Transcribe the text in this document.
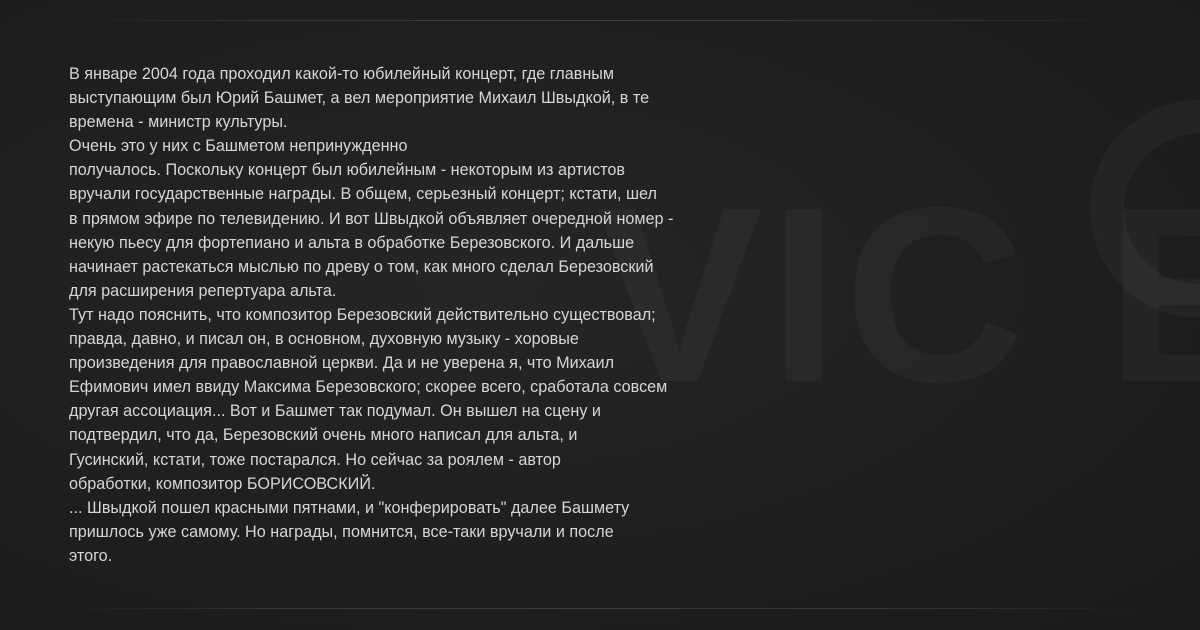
В январе 2004 года проходил какой-то юбилейный концерт, где главным
выступающим был Юрий Башмет, а вел мероприятие Михаил Швыдкой, в те
времена - министр культуры.
Очень это у них с Башметом непринужденно
получалось. Поскольку концерт был юбилейным - некоторым из артистов
вручали государственные награды. В общем, серьезный концерт; кстати, шел
в прямом эфире по телевидению. И вот Швыдкой объявляет очередной номер -
некую пьесу для фортепиано и альта в обработке Березовского. И дальше
начинает растекаться мыслью по древу о том, как много сделал Березовский
для расширения репертуара альта.
Тут надо пояснить, что композитор Березовский действительно существовал;
правда, давно, и писал он, в основном, духовную музыку - хоровые
произведения для православной церкви. Да и не уверена я, что Михаил
Ефимович имел ввиду Максима Березовского; скорее всего, сработала совсем
другая ассоциация... Вот и Башмет так подумал. Он вышел на сцену и
подтвердил, что да, Березовский очень много написал для альта, и
Гусинский, кстати, тоже постарался. Но сейчас за роялем - автор
обработки, композитор БОРИСОВСКИЙ.
... Швыдкой пошел красными пятнами, и "конферировать" далее Башмету
пришлось уже самому. Но награды, помнится, все-таки вручали и после
этого.
